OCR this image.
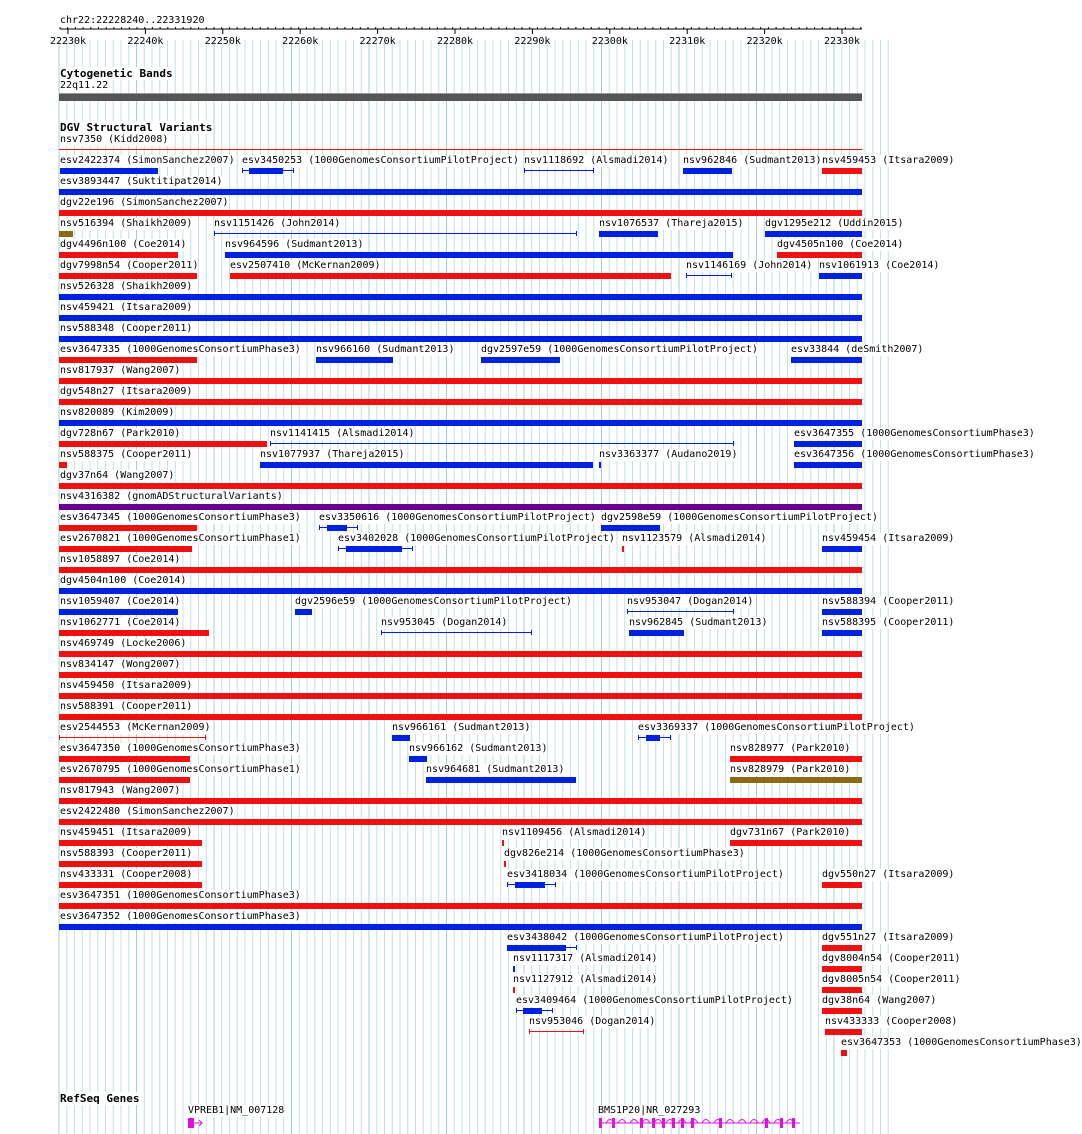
chr22:22228240..22331920
22230k	22240k	22250k	22260k	22270k	22280k	22290k	22300k	22310k	22320k	22330k
Cytogenetic Bands
22q11.22
DGV Structural Variants
nsv7350 (Kidd2008)
esv2422374 (SimonSanchez2007) esv3450253 (1000GenomesConsortiumPilotProject) nsv1118692 (Alsmadi2014) nsv962846 (Sudmant2013) nsv459453 (Itsara2009)
esv3893447 (Suktitipat2014)
dgv22e196 (SimonSanchez2007)
nsv516394 (Shaikh2009) nsv1151426 (John2014)	nsv1076537 (Thareja2015) dgv1295e212 (Uddin2015)
dgv4496n100 (Coe2014)	nsv964596 (Sudmant2013)	dgv4505n100 (Coe2014)
dgv7998n54 (Cooper2011)	esv2507410 (McKernan2009)	nsv1146169 (John2014) nsv1061913 (Coe2014)
nsv526328 (Shaikh2009)
nsv459421 (Itsara2009)
nsv588348 (Cooper2011)
esv3647335 (1000GenomesConsortiumPhase3) nsv966160 (Sudmant2013)	dgv2597e59 (1000GenomesConsortiumPilotProject)	esv33844 (deSmith2007)
nsv817937 (Wang2007)
dgv548n27 (Itsara2009)
nsv820089 (Kim2009)
dgv728n67 (Park2010)	nsv1141415 (Alsmadi2014)	esv3647355 (1000GenomesConsortiumPhase3)
nsv588375 (Cooper2011)	nsv1077937 (Thareja2015)	nsv3363377 (Audano2019)	esv3647356 (1000GenomesConsortiumPhase3)
dgv37n64 (Wang2007)
nsv4316382 (gnomADStructuralVariants)
esv3647345 (1000GenomesConsortiumPhase3) esv3350616 (1000GenomesConsortiumPilotProject) dgv2598e59 (1000GenomesConsortiumPilotProject)
esv2670821 (1000GenomesConsortiumPhase1)	esv3402028 (1000GenomesConsortiumPilotProject) nsv1123579 (Alsmadi2014)	nsv459454 (Itsara2009)
nsv1058897 (Coe2014)
dgv4504n100 (Coe2014)
nsv1059407 (Coe2014)	dgv2596e59 (1000GenomesConsortiumPilotProject)	nsv953047 (Dogan2014)	nsv588394 (Cooper2011)
nsv1062771 (Coe2014)	nsv953045 (Dogan2014)	nsv962845 (Sudmant2013)	nsv588395 (Cooper2011)
nsv469749 (Locke2006)
nsv834147 (Wong2007)
nsv459450 (Itsara2009)
nsv588391 (Cooper2011)
esv2544553 (McKernan2009)	nsv966161 (Sudmant2013)	esv3369337 (1000GenomesConsortiumPilotProject)
esv3647350 (1000GenomesConsortiumPhase3)	nsv966162 (Sudmant2013)	nsv828977 (Park2010)
esv2670795 (1000GenomesConsortiumPhase1)	nsv964681 (Sudmant2013)	nsv828979 (Park2010)
nsv817943 (Wang2007)
esv2422480 (SimonSanchez2007)
nsv459451 (Itsara2009)	nsv1109456 (Alsmadi2014)	dgv731n67 (Park2010)
nsv588393 (Cooper2011)	dgv826e214 (1000GenomesConsortiumPhase3)
nsv433331 (Cooper2008)	esv3418034 (1000GenomesConsortiumPilotProject)	dgv550n27 (Itsara2009)
esv3647351 (1000GenomesConsortiumPhase3)
esv3647352 (1000GenomesConsortiumPhase3)
esv3438042 (1000GenomesConsortiumPilotProject)	dgv551n27 (Itsara2009)
nsv1117317 (Alsmadi2014)	dgv8004n54 (Cooper2011)
nsv1127912 (Alsmadi2014)	dgv8005n54 (Cooper2011)
esv3409464 (1000GenomesConsortiumPilotProject)	dgv38n64 (Wang2007)
nsv953046 (Dogan2014)	nsv433333 (Cooper2008)
esv3647353 (1000GenomesConsortiumPhase3)
RefSeq Genes
VPREB1|NM_007128	BMS1P20|NR_027293
